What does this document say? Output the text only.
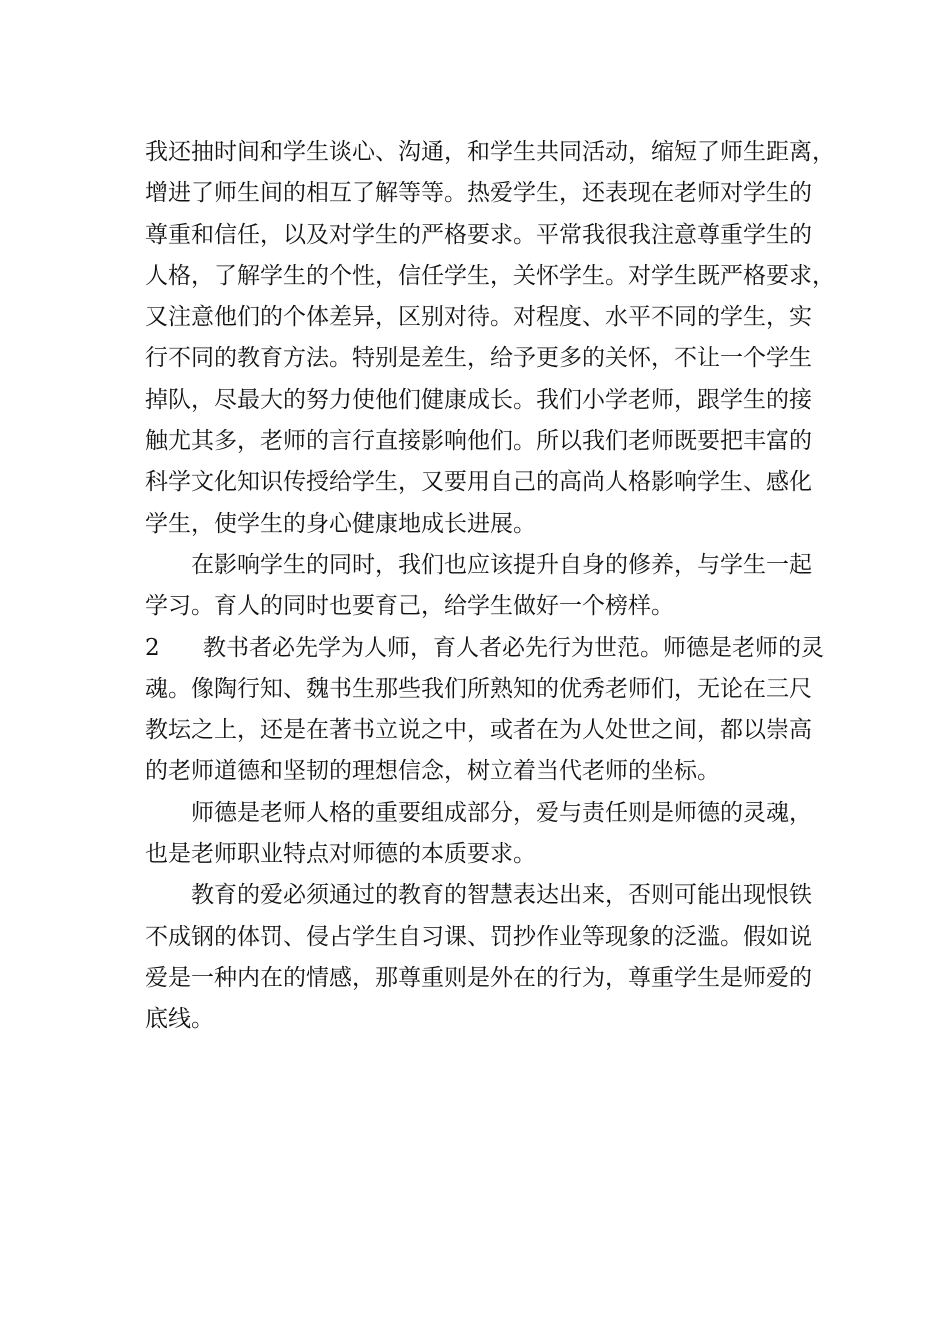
我还抽时间和学生谈心、沟通，和学生共同活动，缩短了师生距离，
增进了师生间的相互了解等等。热爱学生，还表现在老师对学生的
尊重和信任，以及对学生的严格要求。平常我很我注意尊重学生的
人格，了解学生的个性，信任学生，关怀学生。对学生既严格要求，
又注意他们的个体差异，区别对待。对程度、水平不同的学生，实
行不同的教育方法。特别是差生，给予更多的关怀，不让一个学生
掉队，尽最大的努力使他们健康成长。我们小学老师，跟学生的接
触尤其多，老师的言行直接影响他们。所以我们老师既要把丰富的
科学文化知识传授给学生，又要用自己的高尚人格影响学生、感化
学生，使学生的身心健康地成长进展。
在影响学生的同时，我们也应该提升自身的修养，与学生一起
学习。育人的同时也要育己，给学生做好一个榜样。
2 教书者必先学为人师，育人者必先行为世范。师德是老师的灵
魂。像陶行知、魏书生那些我们所熟知的优秀老师们，无论在三尺
教坛之上，还是在著书立说之中，或者在为人处世之间，都以崇高
的老师道德和坚韧的理想信念，树立着当代老师的坐标。
师德是老师人格的重要组成部分，爱与责任则是师德的灵魂，
也是老师职业特点对师德的本质要求。
教育的爱必须通过的教育的智慧表达出来，否则可能出现恨铁
不成钢的体罚、侵占学生自习课、罚抄作业等现象的泛滥。假如说
爱是一种内在的情感，那尊重则是外在的行为，尊重学生是师爱的
底线。
